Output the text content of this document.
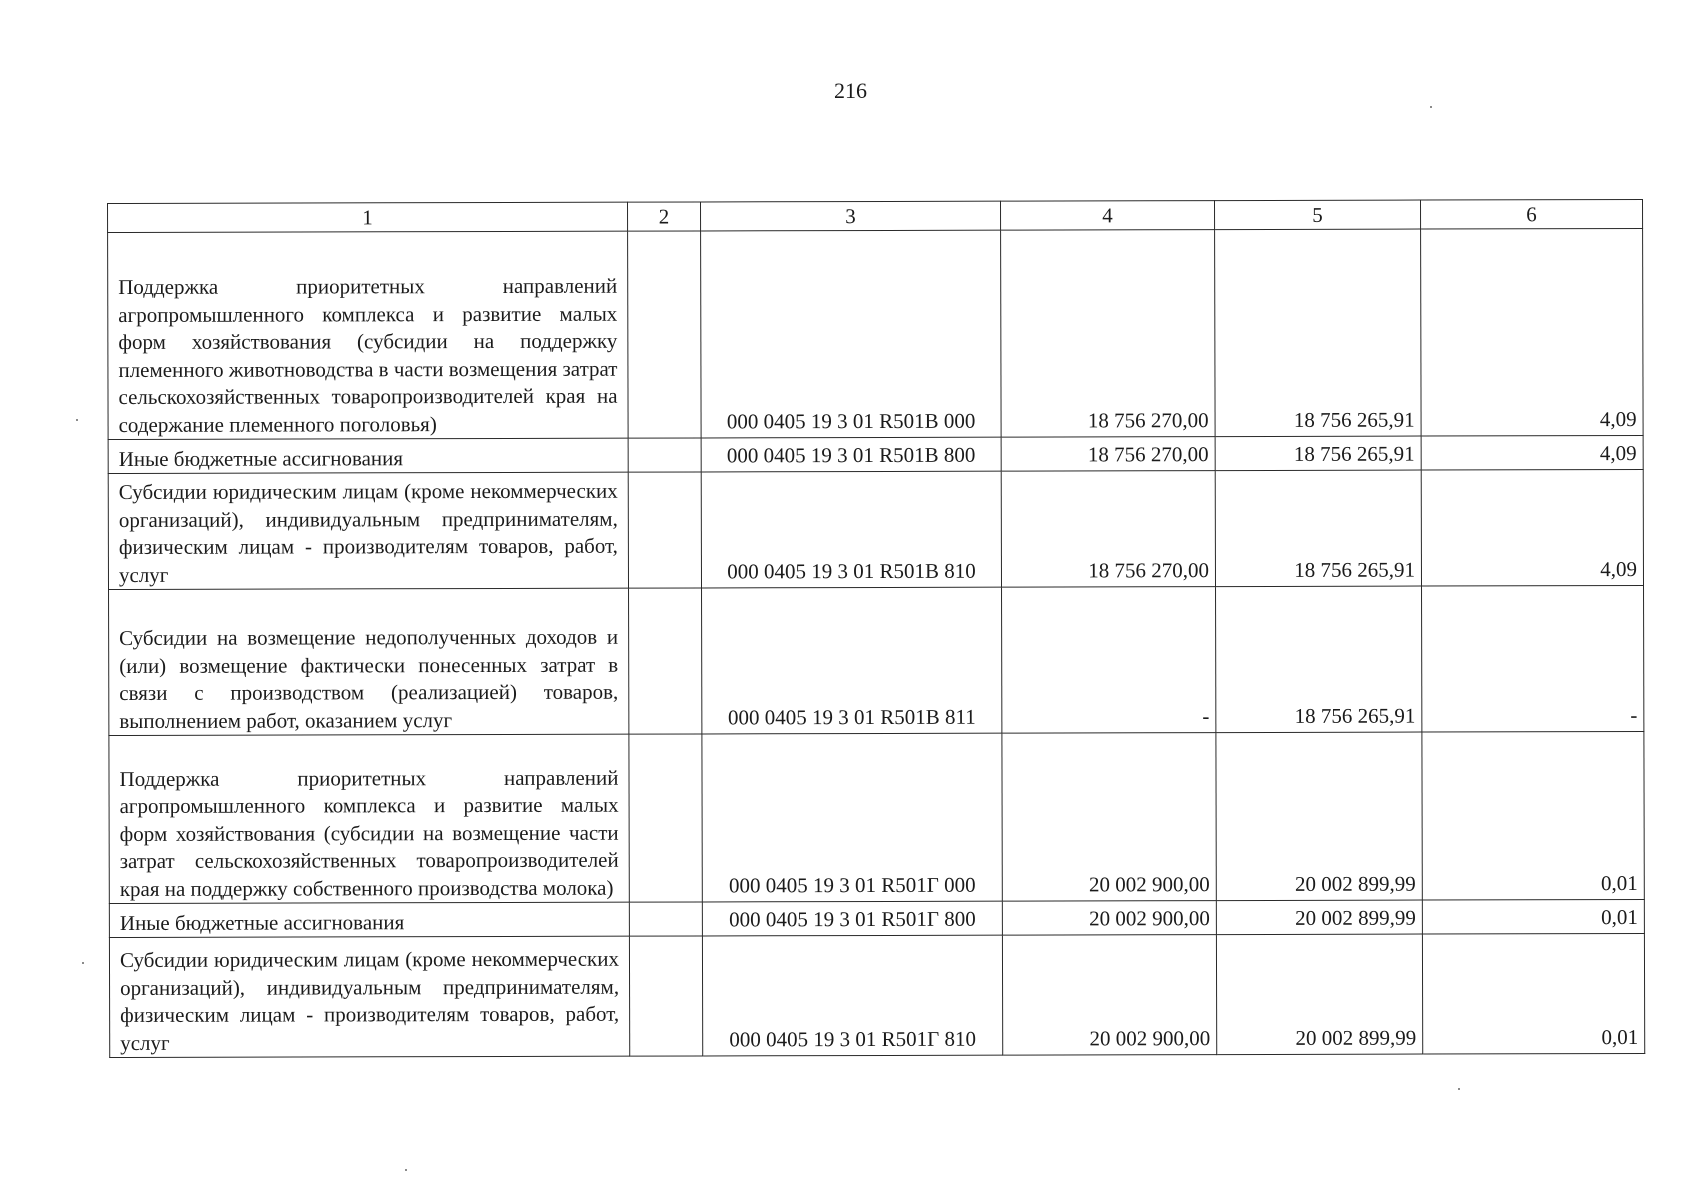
216
1	2	3	4	5	6
Поддержка приоритетных направлений агропромышленного комплекса и развитие малых форм хозяйствования (субсидии на поддержку племенного животноводства в части возмещения затрат сельскохозяйственных товаропроизводителей края на содержание племенного поголовья)		000 0405 19 3 01 R501В 000	18 756 270,00	18 756 265,91	4,09
Иные бюджетные ассигнования		000 0405 19 3 01 R501В 800	18 756 270,00	18 756 265,91	4,09
Субсидии юридическим лицам (кроме некоммерческих организаций), индивидуальным предпринимателям, физическим лицам - производителям товаров, работ, услуг		000 0405 19 3 01 R501В 810	18 756 270,00	18 756 265,91	4,09
Субсидии на возмещение недополученных доходов и (или) возмещение фактически понесенных затрат в связи с производством (реализацией) товаров, выполнением работ, оказанием услуг		000 0405 19 3 01 R501В 811	-	18 756 265,91	-
Поддержка приоритетных направлений агропромышленного комплекса и развитие малых форм хозяйствования (субсидии на возмещение части затрат сельскохозяйственных товаропроизводителей края на поддержку собственного производства молока)		000 0405 19 3 01 R501Г 000	20 002 900,00	20 002 899,99	0,01
Иные бюджетные ассигнования		000 0405 19 3 01 R501Г 800	20 002 900,00	20 002 899,99	0,01
Субсидии юридическим лицам (кроме некоммерческих организаций), индивидуальным предпринимателям, физическим лицам - производителям товаров, работ, услуг		000 0405 19 3 01 R501Г 810	20 002 900,00	20 002 899,99	0,01
